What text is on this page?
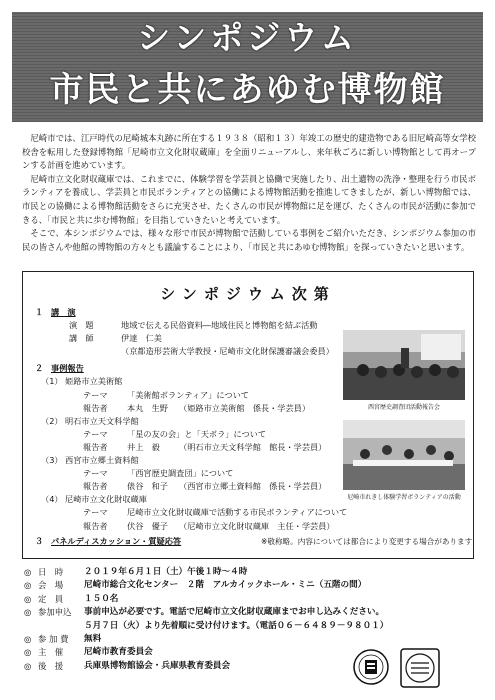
シンポジウム
市民と共にあゆむ博物館

尼崎市では、江戸時代の尼崎城本丸跡に所在する１９３８（昭和１３）年竣工の歴史的建造物である旧尼崎高等女学校校舎を転用した登録博物館「尼崎市立文化財収蔵庫」を全面リニューアルし、来年秋ごろに新しい博物館として再オープンする計画を進めています。

尼崎市立文化財収蔵庫では、これまでに、体験学習を学芸員と協働で実施したり、出土遺物の洗浄・整理を行う市民ボランティアを養成し、学芸員と市民ボランティアとの協働による博物館活動を推進してきましたが、新しい博物館では、市民との協働による博物館活動をさらに充実させ、たくさんの市民が博物館に足を運び、たくさんの市民が活動に参加できる、「市民と共に歩む博物館」を目指していきたいと考えています。

そこで、本シンポジウムでは、様々な形で市民が博物館で活動している事例をご紹介いただき、シンポジウム参加の市民の皆さんや他館の博物館の方々とも議論することにより、「市民と共にあゆむ博物館」を探っていきたいと思います。

シンポジウム次第
１ 講　演
演　題	地域で伝える民俗資料―地域住民と博物館を結ぶ活動
講　師	伊達　仁美
（京都造形芸術大学教授・尼崎市文化財保護審議会委員）
２ 事例報告
（1） 姫路市立美術館
テーマ 「美術館ボランティア」について
報告者 本丸　生野 （姫路市立美術館　係長・学芸員）
（2） 明石市立天文科学館
テーマ 「星の友の会」と「天ボラ」について
報告者 井上　毅 （明石市立天文科学館　館長・学芸員）
（3） 西宮市立郷土資料館
テーマ 「西宮歴史調査団」について
報告者 俵谷　和子 （西宮市立郷土資料館　係長・学芸員）
（4） 尼崎市立文化財収蔵庫
テーマ 尼崎市立文化財収蔵庫で活動する市民ボランティアについて
報告者 伏谷　優子 （尼崎市立文化財収蔵庫　主任・学芸員）
３ パネルディスカッション・質疑応答	※敬称略。内容については都合により変更する場合があります
西宮歴史調査団活動報告会
尼崎市れきし体験学習ボランティアの活動
◎ 日　時 ２０１９年６月１日（土）午後１時～４時
◎ 会　場 尼崎市総合文化センター　２階　アルカイックホール・ミニ（五階の間）
◎ 定　員 １５０名
◎ 参加申込 事前申込が必要です。電話で尼崎市立文化財収蔵庫までお申し込みください。
５月７日（火）より先着順に受け付けます。（電話０６－６４８９－９８０１）
◎ 参 加 費 無料
◎ 主　催 尼崎市教育委員会
◎ 後　援 兵庫県博物館協会・兵庫県教育委員会
